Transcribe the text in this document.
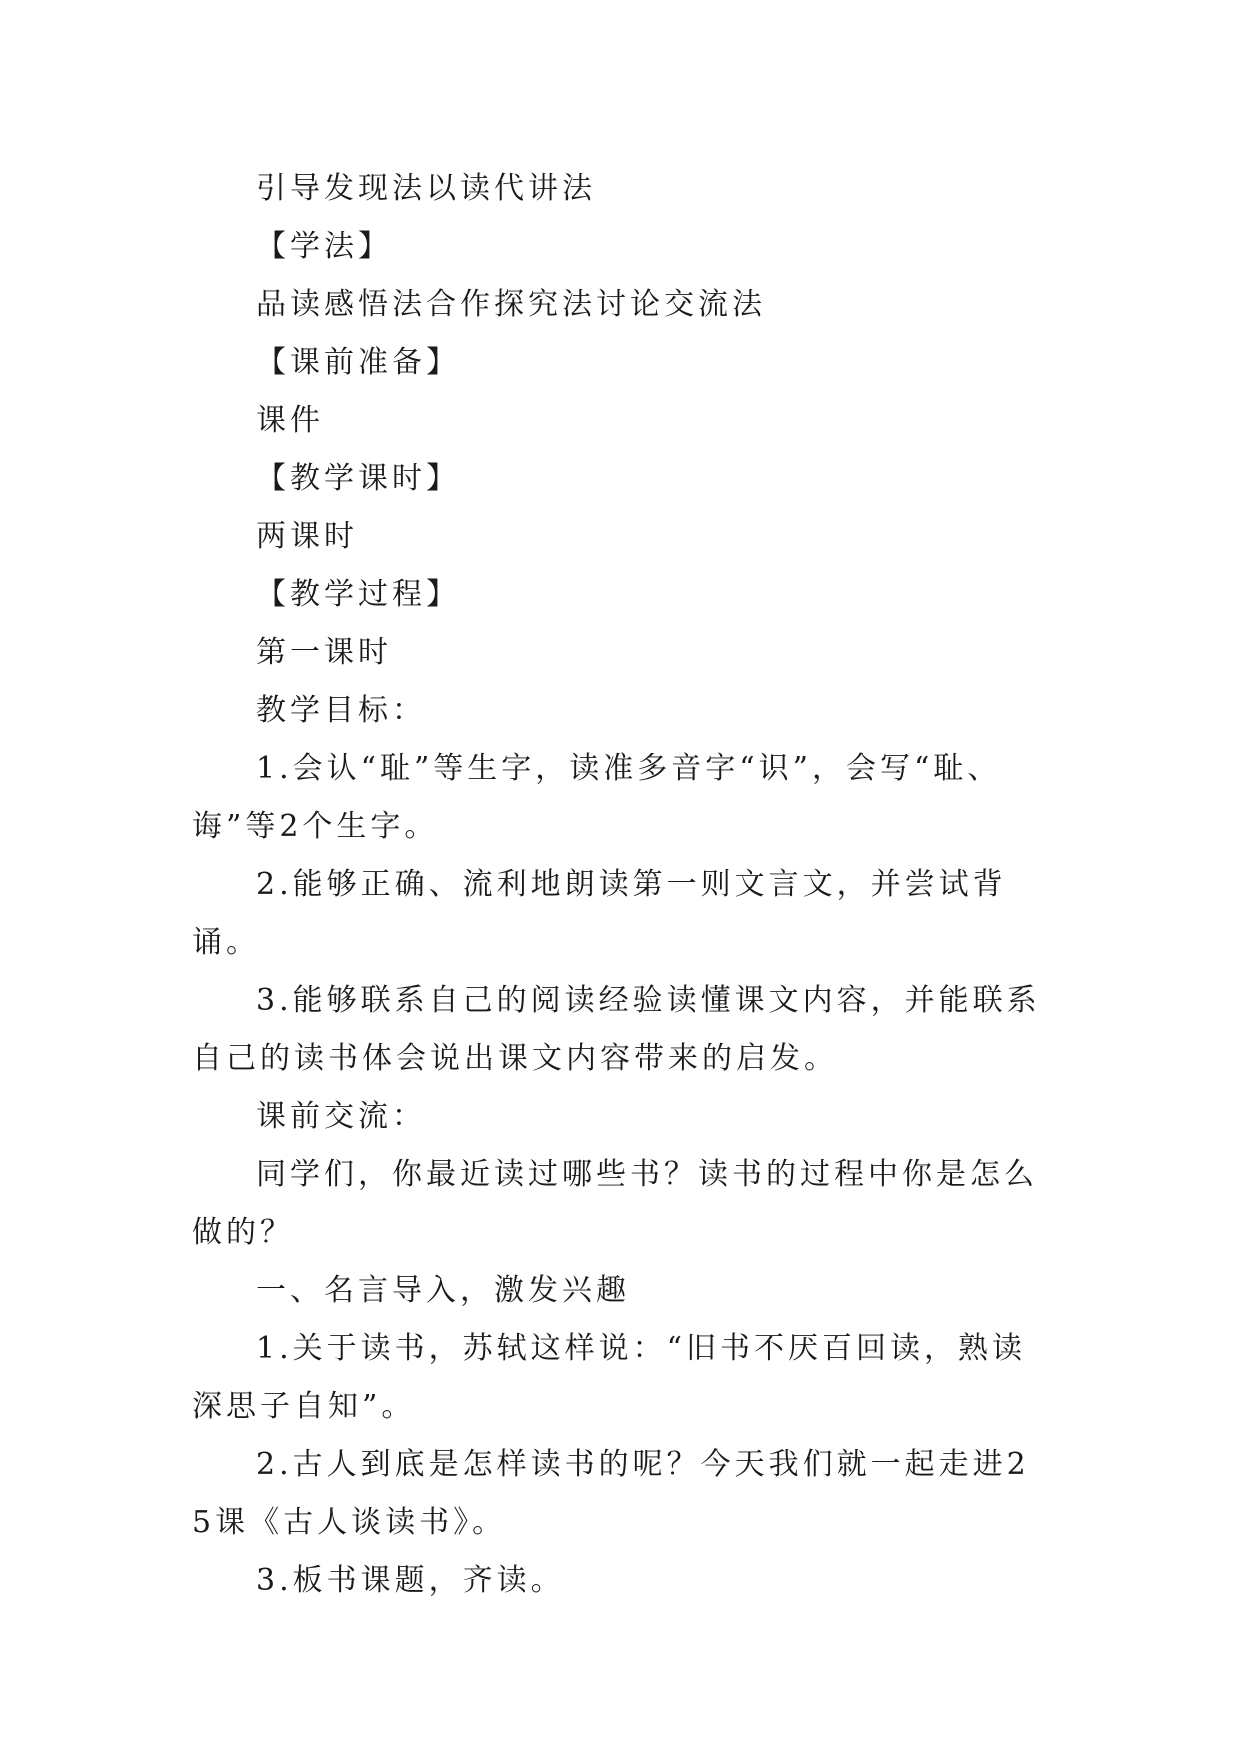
引导发现法以读代讲法

【学法】

品读感悟法合作探究法讨论交流法

【课前准备】

课件

【教学课时】

两课时

【教学过程】

第一课时

教学目标：

1.会认“耻”等生字，读准多音字“识”，会写“耻、诲”等2个生字。

2.能够正确、流利地朗读第一则文言文，并尝试背诵。

3.能够联系自己的阅读经验读懂课文内容，并能联系自己的读书体会说出课文内容带来的启发。

课前交流：

同学们，你最近读过哪些书？读书的过程中你是怎么做的？

一、名言导入，激发兴趣

1.关于读书，苏轼这样说：“旧书不厌百回读，熟读深思子自知”。

2.古人到底是怎样读书的呢？今天我们就一起走进25课《古人谈读书》。

3.板书课题，齐读。
